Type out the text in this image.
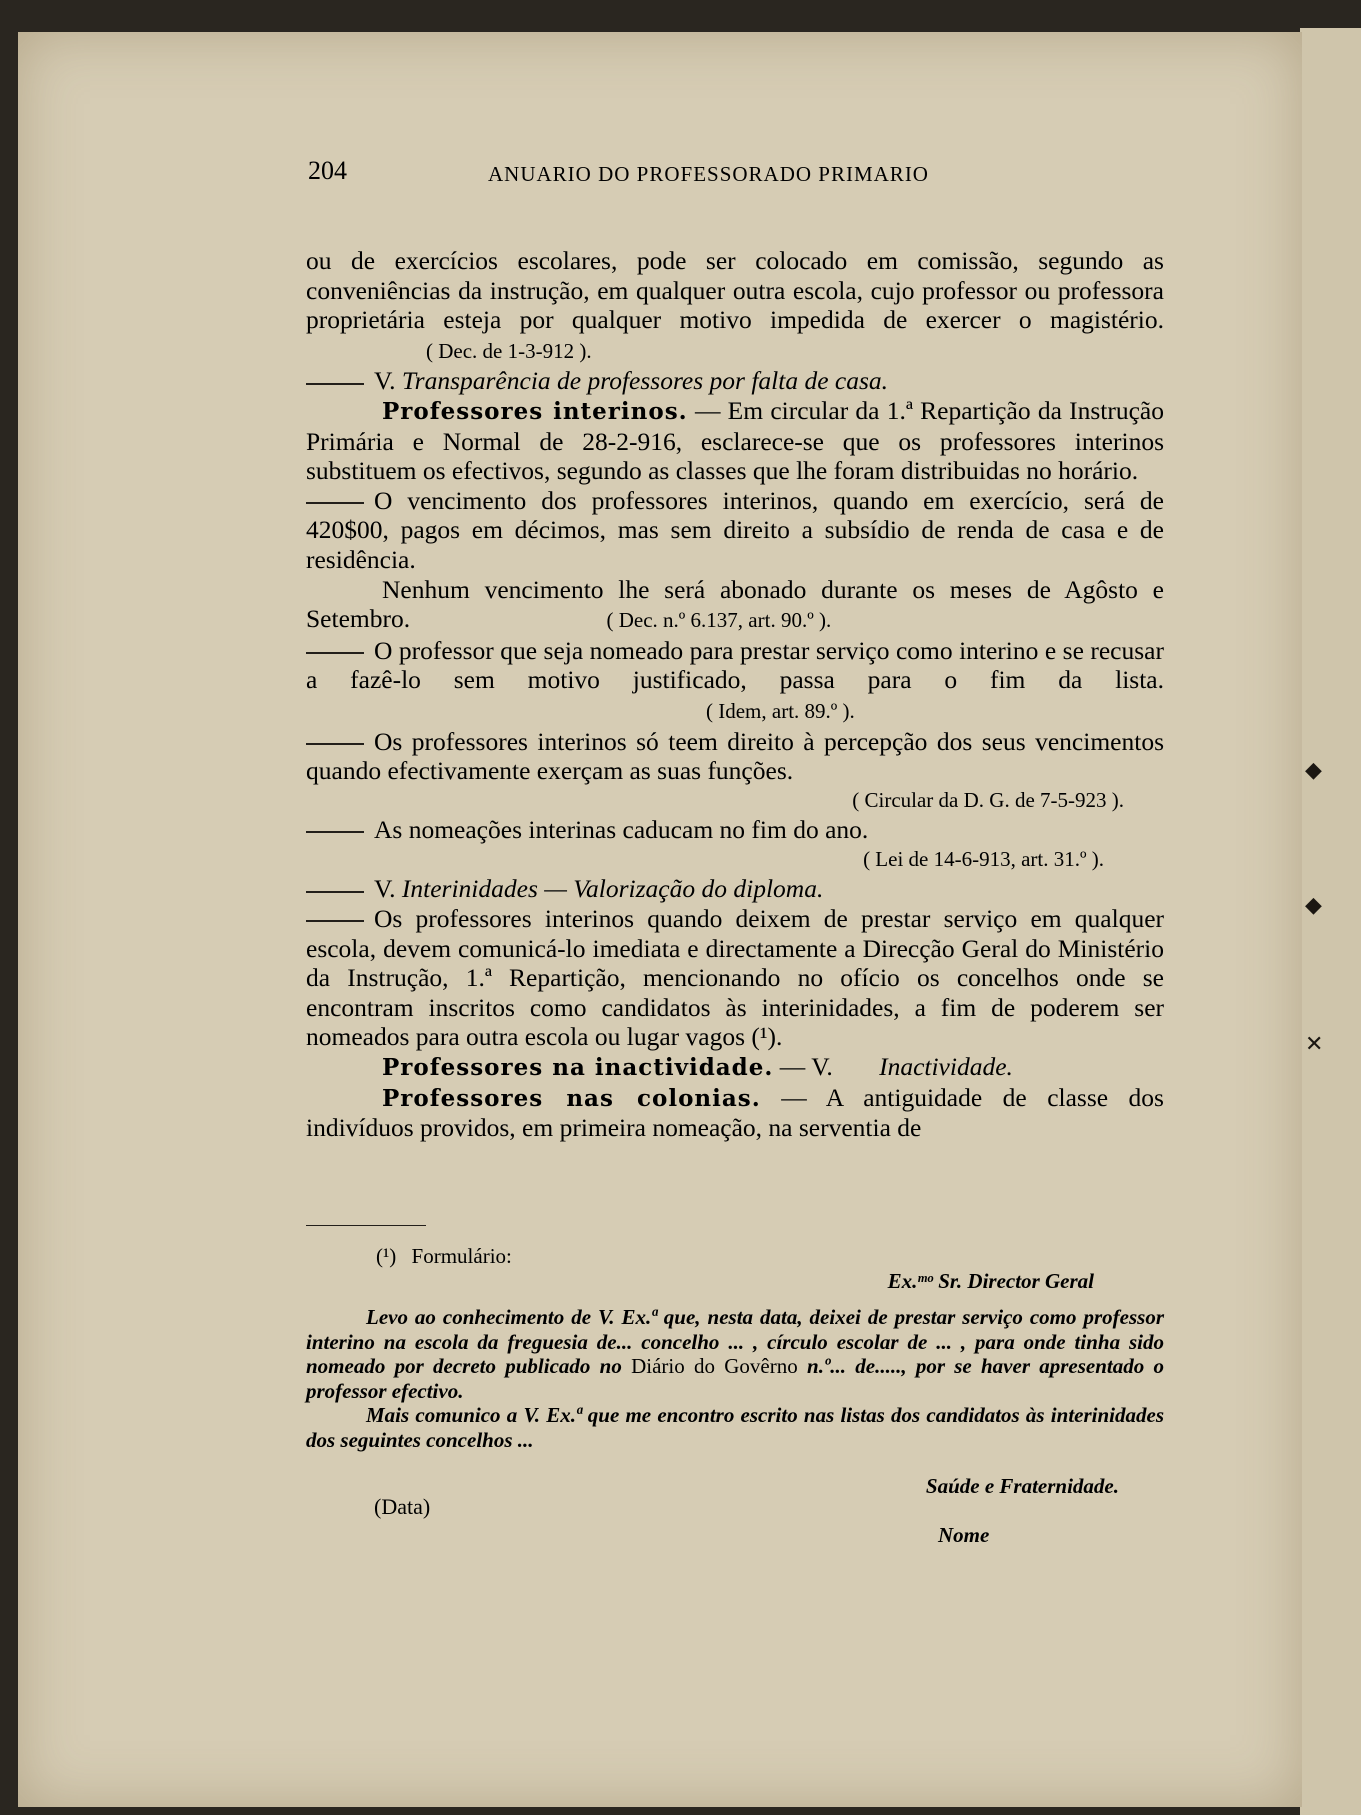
◆
◆
✕
204	ANUARIO DO PROFESSORADO PRIMARIO

ou de exercícios escolares, pode ser colocado em comissão, segundo as conveniências da instrução, em qualquer outra escola, cujo professor ou professora proprietária esteja por qualquer motivo impedida de exercer o magistério. ( Dec. de 1-3-912 ).

V. Transparência de professores por falta de casa.

Professores interinos. — Em circular da 1.ª Repartição da Instrução Primária e Normal de 28-2-916, esclarece-se que os professores interinos substituem os efectivos, segundo as classes que lhe foram distribuidas no horário.

O vencimento dos professores interinos, quando em exercício, será de 420$00, pagos em décimos, mas sem direito a subsídio de renda de casa e de residência.

Nenhum vencimento lhe será abonado durante os meses de Agôsto e Setembro.	( Dec. n.º 6.137, art. 90.º ).

O professor que seja nomeado para prestar serviço como interino e se recusar a fazê-lo sem motivo justificado, passa para o fim da lista. ( Idem, art. 89.º ).

Os professores interinos só teem direito à percepção dos seus vencimentos quando efectivamente exerçam as suas funções.

( Circular da D. G. de 7-5-923 ).

As nomeações interinas caducam no fim do ano.

( Lei de 14-6-913, art. 31.º ).

V. Interinidades — Valorização do diploma.

Os professores interinos quando deixem de prestar serviço em qualquer escola, devem comunicá-lo imediata e directamente a Direcção Geral do Ministério da Instrução, 1.ª Repartição, mencionando no ofício os concelhos onde se encontram inscritos como candidatos às interinidades, a fim de poderem ser nomeados para outra escola ou lugar vagos (¹).

Professores na inactividade. — V. Inactividade.

Professores nas colonias. — A antiguidade de classe dos indivíduos providos, em primeira nomeação, na serventia de

(¹) Formulário:
Ex.ᵐᵒ Sr. Director Geral

Levo ao conhecimento de V. Ex.ª que, nesta data, deixei de prestar serviço como professor interino na escola da freguesia de... concelho ... , círculo escolar de ... , para onde tinha sido nomeado por decreto publicado no Diário do Govêrno n.º... de....., por se haver apresentado o professor efectivo.

Mais comunico a V. Ex.ª que me encontro escrito nas listas dos candidatos às interinidades dos seguintes concelhos ...

Saúde e Fraternidade.
(Data)
Nome
